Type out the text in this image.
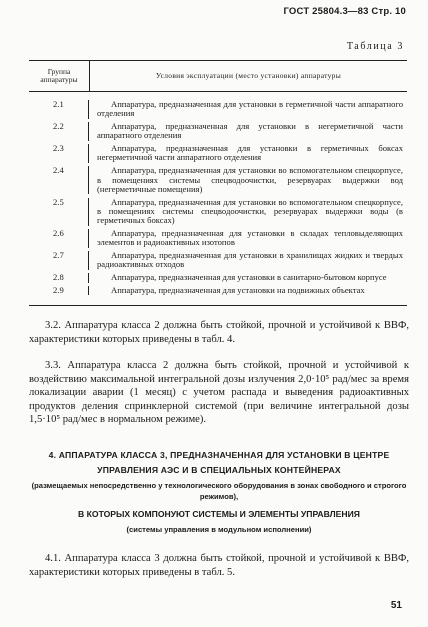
ГОСТ 25804.3—83 Стр. 10
Таблица 3
Группа аппаратуры	Условия эксплуатации (место установки) аппаратуры
2.1	Аппаратура, предназначенная для установки в герметичной части аппаратного отделения
2.2	Аппаратура, предназначенная для установки в негерметичной части аппаратного отделения
2.3	Аппаратура, предназначенная для установки в герметичных боксах негерметичной части аппаратного отделения
2.4	Аппаратура, предназначенная для установки во вспомогательном спецкорпусе, в помещениях системы спецводоочистки, резервуарах выдержки вод (негерметичные помещения)
2.5	Аппаратура, предназначенная для установки во вспомогательном спецкорпусе, в помещениях системы спецводоочистки, резервуарах выдержки воды (в герметичных боксах)
2.6	Аппаратура, предназначенная для установки в складах тепловыделяющих элементов и радиоактивных изотопов
2.7	Аппаратура, предназначенная для установки в хранилищах жидких и твердых радиоактивных отходов
2.8	Аппаратура, предназначенная для установки в санитарно-бытовом корпусе
2.9	Аппаратура, предназначенная для установки на подвижных объектах
3.2. Аппаратура класса 2 должна быть стойкой, прочной и устойчивой к ВВФ, характеристики которых приведены в табл. 4.
3.3. Аппаратура класса 2 должна быть стойкой, прочной и устойчивой к воздействию максимальной интегральной дозы излучения 2,0·10⁵ рад/мес за время локализации аварии (1 месяц) с учетом распада и выведения радиоактивных продуктов деления спринклерной системой (при величине интегральной дозы 1,5·10⁵ рад/мес в нормальном режиме).
4. АППАРАТУРА КЛАССА 3, ПРЕДНАЗНАЧЕННАЯ ДЛЯ УСТАНОВКИ В ЦЕНТРЕ УПРАВЛЕНИЯ АЭС И В СПЕЦИАЛЬНЫХ КОНТЕЙНЕРАХ
(размещаемых непосредственно у технологического оборудования в зонах свободного и строгого режимов),
В КОТОРЫХ КОМПОНУЮТ СИСТЕМЫ И ЭЛЕМЕНТЫ УПРАВЛЕНИЯ
(системы управления в модульном исполнении)
4.1. Аппаратура класса 3 должна быть стойкой, прочной и устойчивой к ВВФ, характеристики которых приведены в табл. 5.
51
